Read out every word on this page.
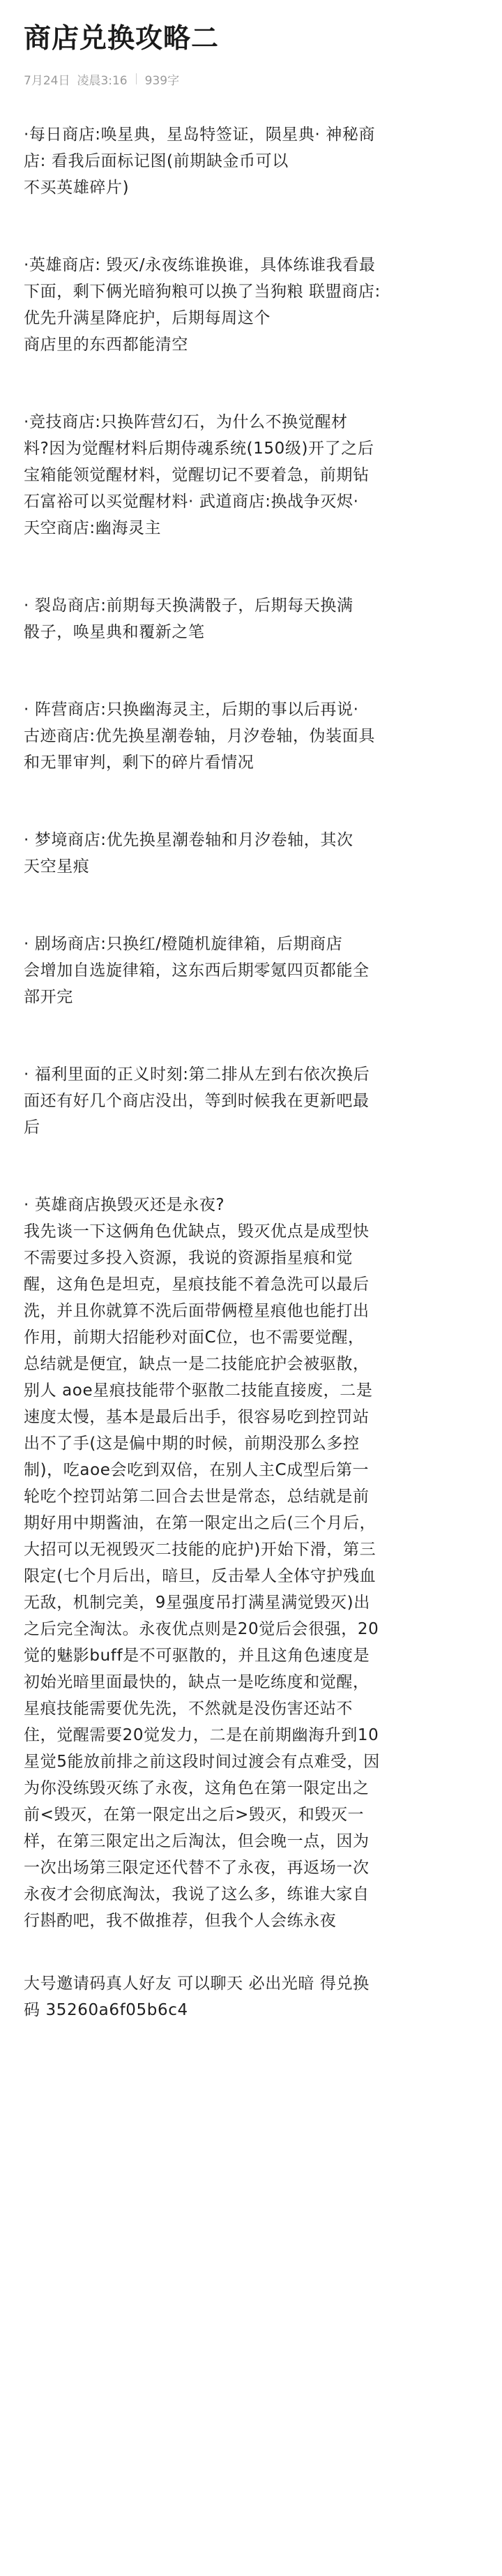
商店兑换攻略二
7月24日 凌晨3:16 939字

·每日商店:唤星典，星岛特签证，陨星典· 神秘商
店: 看我后面标记图(前期缺金币可以
不买英雄碎片)

·英雄商店: 毁灭/永夜练谁换谁，具体练谁我看最
下面，剩下俩光暗狗粮可以换了当狗粮 联盟商店:
优先升满星降庇护，后期每周这个
商店里的东西都能清空

·竞技商店:只换阵营幻石，为什么不换觉醒材
料?因为觉醒材料后期侍魂系统(150级)开了之后
宝箱能领觉醒材料，觉醒切记不要着急，前期钻
石富裕可以买觉醒材料· 武道商店:换战争灭烬·
天空商店:幽海灵主

· 裂岛商店:前期每天换满骰子，后期每天换满
骰子，唤星典和覆新之笔

· 阵营商店:只换幽海灵主，后期的事以后再说·
古迹商店:优先换星潮卷轴，月汐卷轴，伪装面具
和无罪审判，剩下的碎片看情况

· 梦境商店:优先换星潮卷轴和月汐卷轴，其次
天空星痕

· 剧场商店:只换红/橙随机旋律箱，后期商店
会增加自选旋律箱，这东西后期零氪四页都能全
部开完

· 福利里面的正义时刻:第二排从左到右依次换后
面还有好几个商店没出，等到时候我在更新吧最
后

· 英雄商店换毁灭还是永夜?
我先谈一下这俩角色优缺点，毁灭优点是成型快
不需要过多投入资源，我说的资源指星痕和觉
醒，这角色是坦克，星痕技能不着急洗可以最后
洗，并且你就算不洗后面带俩橙星痕他也能打出
作用，前期大招能秒对面C位，也不需要觉醒，
总结就是便宜，缺点一是二技能庇护会被驱散，
别人 aoe星痕技能带个驱散二技能直接废，二是
速度太慢，基本是最后出手，很容易吃到控罚站
出不了手(这是偏中期的时候，前期没那么多控
制)，吃aoe会吃到双倍，在别人主C成型后第一
轮吃个控罚站第二回合去世是常态，总结就是前
期好用中期酱油，在第一限定出之后(三个月后，
大招可以无视毁灭二技能的庇护)开始下滑，第三
限定(七个月后出，暗旦，反击晕人全体守护残血
无敌，机制完美，9星强度吊打满星满觉毁灭)出
之后完全淘汰。永夜优点则是20觉后会很强，20
觉的魅影buff是不可驱散的，并且这角色速度是
初始光暗里面最快的，缺点一是吃练度和觉醒，
星痕技能需要优先洗，不然就是没伤害还站不
住，觉醒需要20觉发力，二是在前期幽海升到10
星觉5能放前排之前这段时间过渡会有点难受，因
为你没练毁灭练了永夜，这角色在第一限定出之
前<毁灭，在第一限定出之后>毁灭，和毁灭一
样，在第三限定出之后淘汰，但会晚一点，因为
一次出场第三限定还代替不了永夜，再返场一次
永夜才会彻底淘汰，我说了这么多，练谁大家自
行斟酌吧，我不做推荐，但我个人会练永夜

大号邀请码真人好友 可以聊天 必出光暗 得兑换
码 35260a6f05b6c4
